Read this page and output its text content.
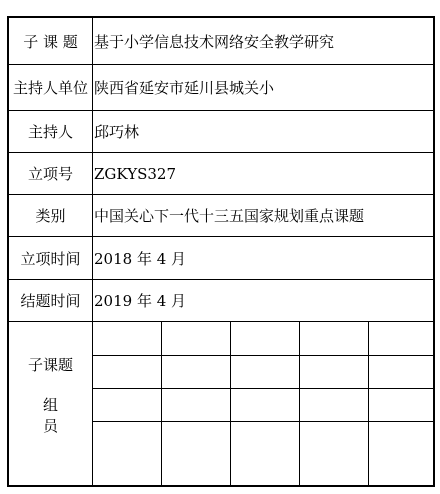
子 课 题	基于小学信息技术网络安全教学研究
主持人单位 陕西省延安市延川县城关小
主持人	邱巧林
立项号	ZGKYS327
类别	中国关心下一代十三五国家规划重点课题
立项时间 2018 年 4 月
结题时间 2019 年 4 月
子课题
组 员
